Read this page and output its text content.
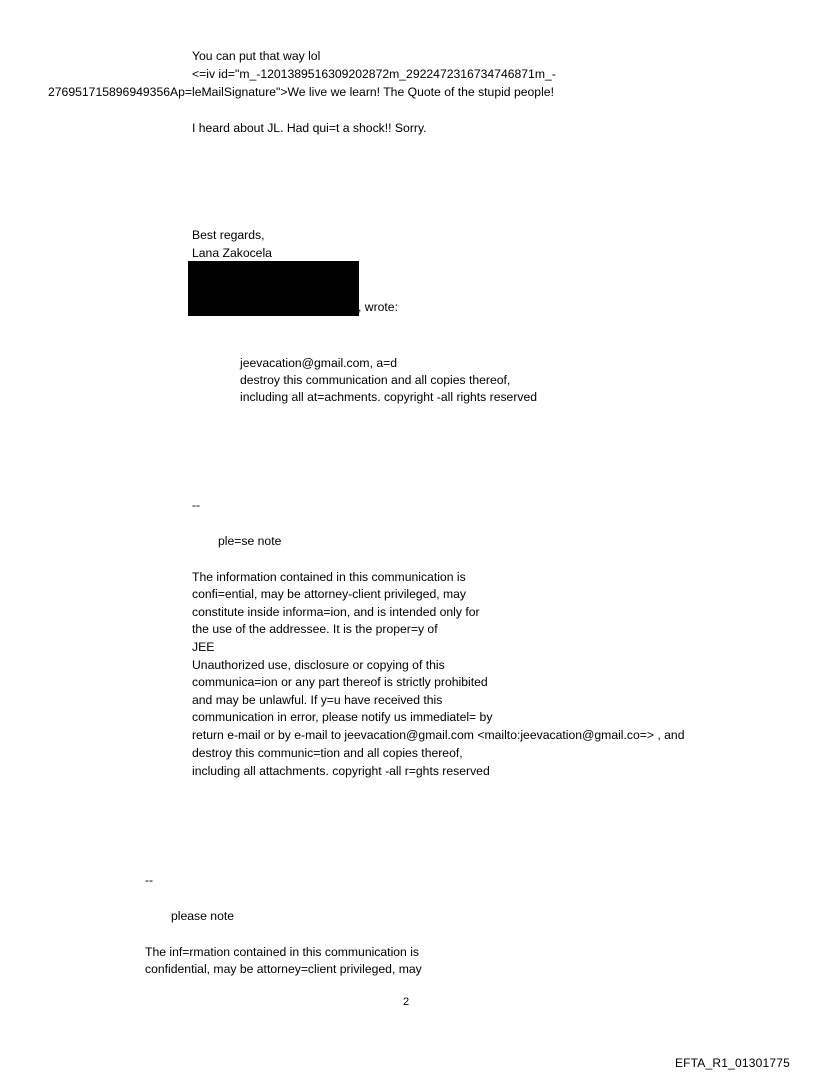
You can put that way lol
<=iv id="m_-1201389516309202872m_2922472316734746871m_-
276951715896949356Ap=leMailSignature">We live we learn! The Quote of the stupid people!
I heard about JL. Had qui=t a shock!! Sorry.
Best regards,
Lana Zakocela
, wrote:
jeevacation@gmail.com, a=d
destroy this communication and all copies thereof,
including all at=achments. copyright -all rights reserved
--
ple=se note
The information contained in this communication is
confi=ential, may be attorney-client privileged, may
constitute inside informa=ion, and is intended only for
the use of the addressee. It is the proper=y of
JEE
Unauthorized use, disclosure or copying of this
communica=ion or any part thereof is strictly prohibited
and may be unlawful. If y=u have received this
communication in error, please notify us immediatel= by
return e-mail or by e-mail to jeevacation@gmail.com <mailto:jeevacation@gmail.co=> , and
destroy this communic=tion and all copies thereof,
including all attachments. copyright -all r=ghts reserved
--
please note
The inf=rmation contained in this communication is
confidential, may be attorney=client privileged, may
2
EFTA_R1_01301775
